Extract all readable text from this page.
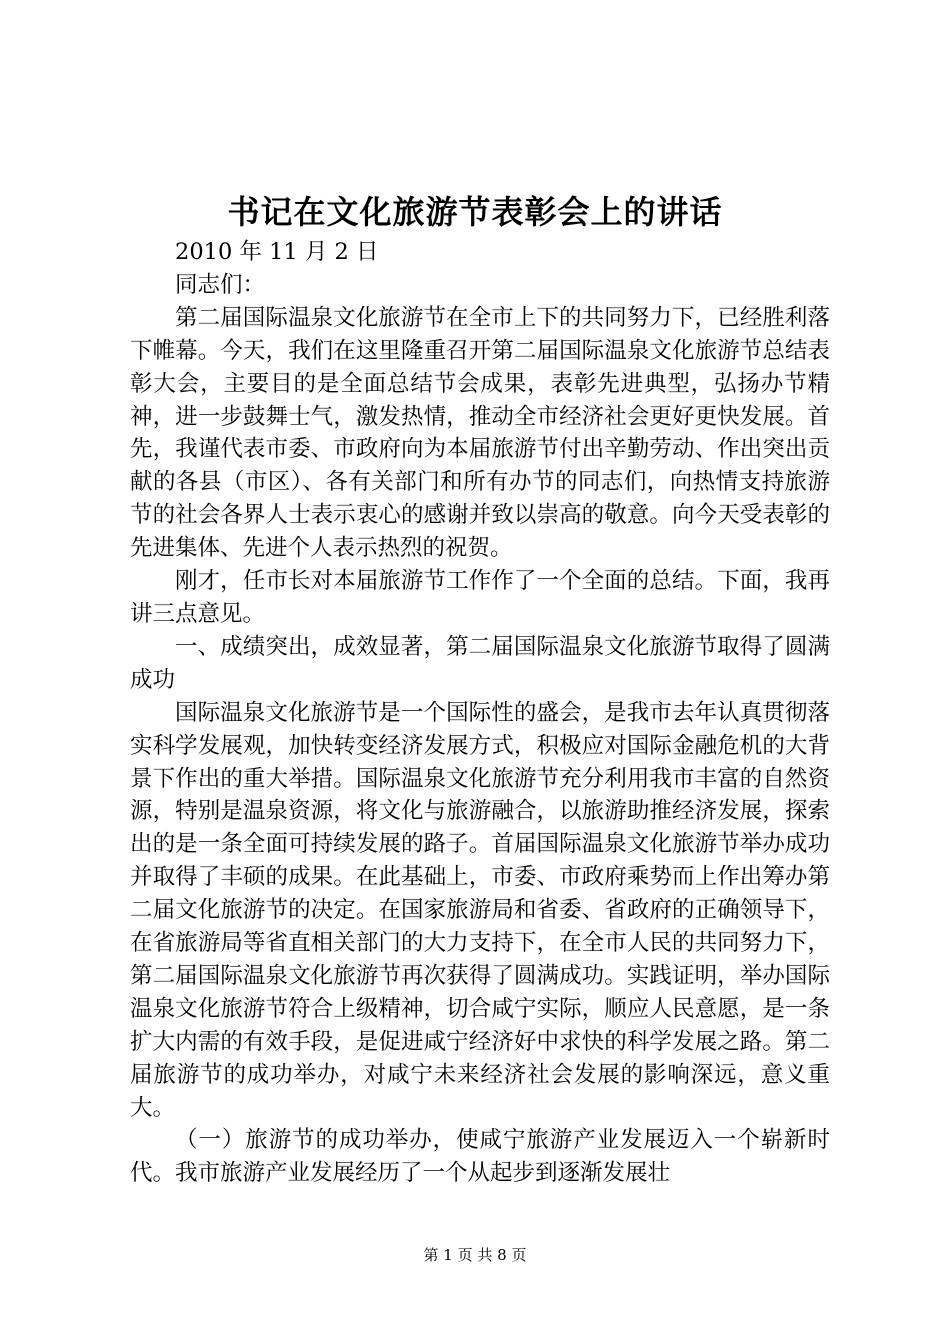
书记在文化旅游节表彰会上的讲话

2010 年 11 月 2 日

同志们：

第二届国际温泉文化旅游节在全市上下的共同努力下，已经胜利落下帷幕。今天，我们在这里隆重召开第二届国际温泉文化旅游节总结表彰大会，主要目的是全面总结节会成果，表彰先进典型，弘扬办节精神，进一步鼓舞士气，激发热情，推动全市经济社会更好更快发展。首先，我谨代表市委、市政府向为本届旅游节付出辛勤劳动、作出突出贡献的各县（市区）、各有关部门和所有办节的同志们，向热情支持旅游节的社会各界人士表示衷心的感谢并致以崇高的敬意。向今天受表彰的先进集体、先进个人表示热烈的祝贺。

刚才，任市长对本届旅游节工作作了一个全面的总结。下面，我再讲三点意见。

一、成绩突出，成效显著，第二届国际温泉文化旅游节取得了圆满成功

国际温泉文化旅游节是一个国际性的盛会，是我市去年认真贯彻落实科学发展观，加快转变经济发展方式，积极应对国际金融危机的大背景下作出的重大举措。国际温泉文化旅游节充分利用我市丰富的自然资源，特别是温泉资源，将文化与旅游融合，以旅游助推经济发展，探索出的是一条全面可持续发展的路子。首届国际温泉文化旅游节举办成功并取得了丰硕的成果。在此基础上，市委、市政府乘势而上作出筹办第二届文化旅游节的决定。在国家旅游局和省委、省政府的正确领导下，在省旅游局等省直相关部门的大力支持下，在全市人民的共同努力下，第二届国际温泉文化旅游节再次获得了圆满成功。实践证明，举办国际温泉文化旅游节符合上级精神，切合咸宁实际，顺应人民意愿，是一条扩大内需的有效手段，是促进咸宁经济好中求快的科学发展之路。第二届旅游节的成功举办，对咸宁未来经济社会发展的影响深远，意义重大。

（一）旅游节的成功举办，使咸宁旅游产业发展迈入一个崭新时代。我市旅游产业发展经历了一个从起步到逐渐发展壮

第 1 页 共 8 页
